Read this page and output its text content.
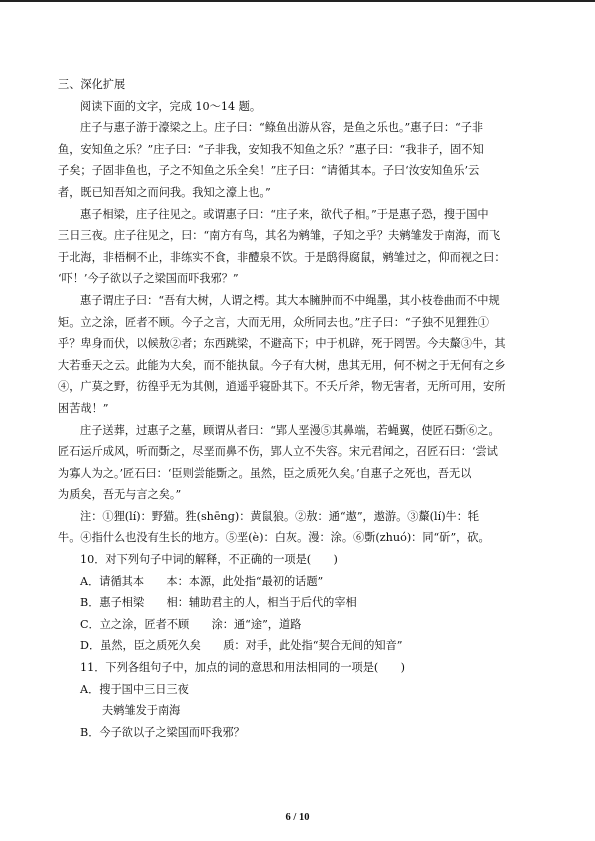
三、深化扩展
阅读下面的文字，完成 10～14 题。
庄子与惠子游于濠梁之上。庄子曰：“鲦鱼出游从容，是鱼之乐也。”惠子曰：“子非
鱼，安知鱼之乐？”庄子曰：“子非我，安知我不知鱼之乐？”惠子曰：“我非子，固不知
子矣；子固非鱼也，子之不知鱼之乐全矣！”庄子曰：“请循其本。子曰‘汝安知鱼乐’云
者，既已知吾知之而问我。我知之濠上也。”
惠子相梁，庄子往见之。或谓惠子曰：“庄子来，欲代子相。”于是惠子恐，搜于国中
三日三夜。庄子往见之，曰：“南方有鸟，其名为鹓雏，子知之乎？夫鹓雏发于南海，而飞
于北海，非梧桐不止，非练实不食，非醴泉不饮。于是鸱得腐鼠，鹓雏过之，仰而视之曰：
‘吓！’今子欲以子之梁国而吓我邪？”
惠子谓庄子曰：“吾有大树，人谓之樗。其大本臃肿而不中绳墨，其小枝卷曲而不中规
矩。立之涂，匠者不顾。今子之言，大而无用，众所同去也。”庄子曰：“子独不见狸狌①
乎？卑身而伏，以候敖②者；东西跳梁，不避高下；中于机辟，死于罔罟。今夫斄③牛，其
大若垂天之云。此能为大矣，而不能执鼠。今子有大树，患其无用，何不树之于无何有之乡
④，广莫之野，彷徨乎无为其侧，逍遥乎寝卧其下。不夭斤斧，物无害者，无所可用，安所
困苦哉！”
庄子送葬，过惠子之墓，顾谓从者曰：“郢人垩漫⑤其鼻端，若蝇翼，使匠石斲⑥之。
匠石运斤成风，听而斲之，尽垩而鼻不伤，郢人立不失容。宋元君闻之，召匠石曰：‘尝试
为寡人为之。’匠石曰：‘臣则尝能斲之。虽然，臣之质死久矣。’自惠子之死也，吾无以
为质矣，吾无与言之矣。”
注：①狸(lí)：野猫。狌(shēng)：黄鼠狼。②敖：通“遨”，遨游。③斄(lí)牛：牦
牛。④指什么也没有生长的地方。⑤垩(è)：白灰。漫：涂。⑥斲(zhuó)：同“斫”，砍。
10．对下列句子中词的解释，不正确的一项是(　　)
A．请循其本　　本：本源，此处指“最初的话题”
B．惠子相梁　　相：辅助君主的人，相当于后代的宰相
C．立之涂，匠者不顾　　涂：通“途”，道路
D．虽然，臣之质死久矣　　质：对手，此处指“契合无间的知音”
11．下列各组句子中，加点的词的意思和用法相同的一项是(　　)
A．搜于国中三日三夜
夫鹓雏发于南海
B．今子欲以子之梁国而吓我邪？
6 / 10
